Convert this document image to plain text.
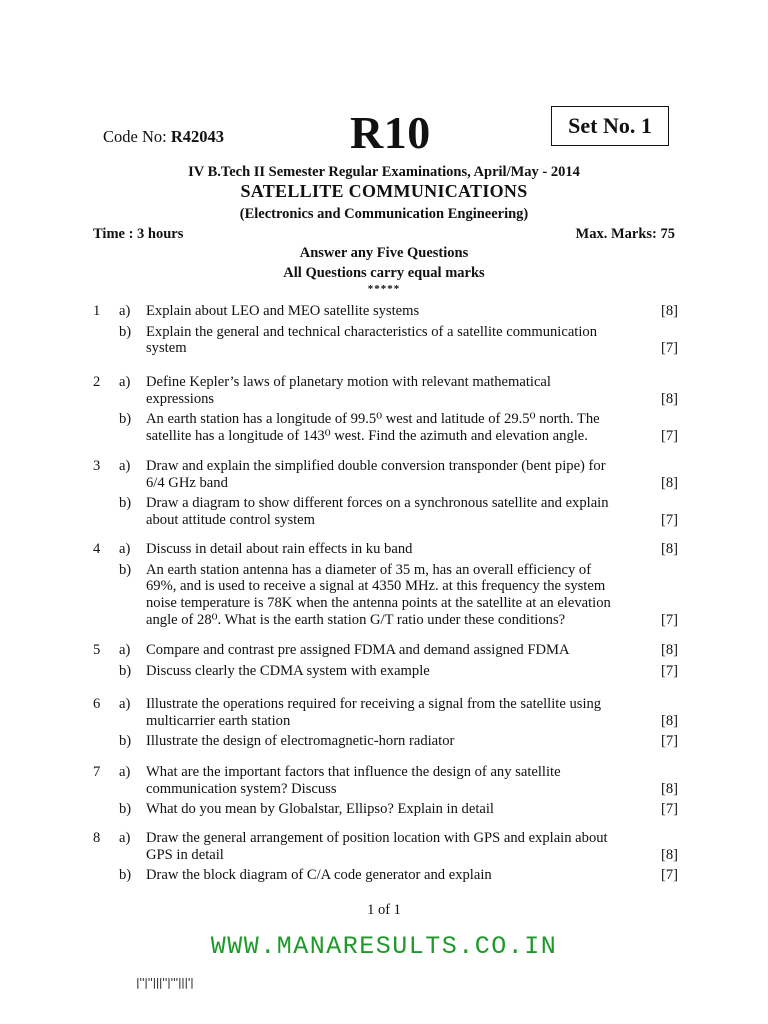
Code No: R42043	R10	Set No. 1
IV B.Tech II Semester Regular Examinations, April/May - 2014
SATELLITE COMMUNICATIONS
(Electronics and Communication Engineering)
Time : 3 hours	Max. Marks: 75
Answer any Five Questions
All Questions carry equal marks
*****
1 a) Explain about LEO and MEO satellite systems	[8]
b) Explain the general and technical characteristics of a satellite communication
system	[7]
2 a) Define Kepler’s laws of planetary motion with relevant mathematical
expressions	[8]
b) An earth station has a longitude of 99.5⁰ west and latitude of 29.5⁰ north. The
satellite has a longitude of 143⁰ west. Find the azimuth and elevation angle.	[7]
3 a) Draw and explain the simplified double conversion transponder (bent pipe) for
6/4 GHz band	[8]
b) Draw a diagram to show different forces on a synchronous satellite and explain
about attitude control system	[7]
4 a) Discuss in detail about rain effects in ku band	[8]
b) An earth station antenna has a diameter of 35 m, has an overall efficiency of
69%, and is used to receive a signal at 4350 MHz. at this frequency the system
noise temperature is 78K when the antenna points at the satellite at an elevation
angle of 28⁰. What is the earth station G/T ratio under these conditions?	[7]
5 a) Compare and contrast pre assigned FDMA and demand assigned FDMA	[8]
b) Discuss clearly the CDMA system with example	[7]
6 a) Illustrate the operations required for receiving a signal from the satellite using
multicarrier earth station	[8]
b) Illustrate the design of electromagnetic-horn radiator	[7]
7 a) What are the important factors that influence the design of any satellite
communication system? Discuss	[8]
b) What do you mean by Globalstar, Ellipso? Explain in detail	[7]
8 a) Draw the general arrangement of position location with GPS and explain about
GPS in detail	[8]
b) Draw the block diagram of C/A code generator and explain	[7]
1 of 1
WWW.MANARESULTS.CO.IN
|''|''|||''|'''|||'|
